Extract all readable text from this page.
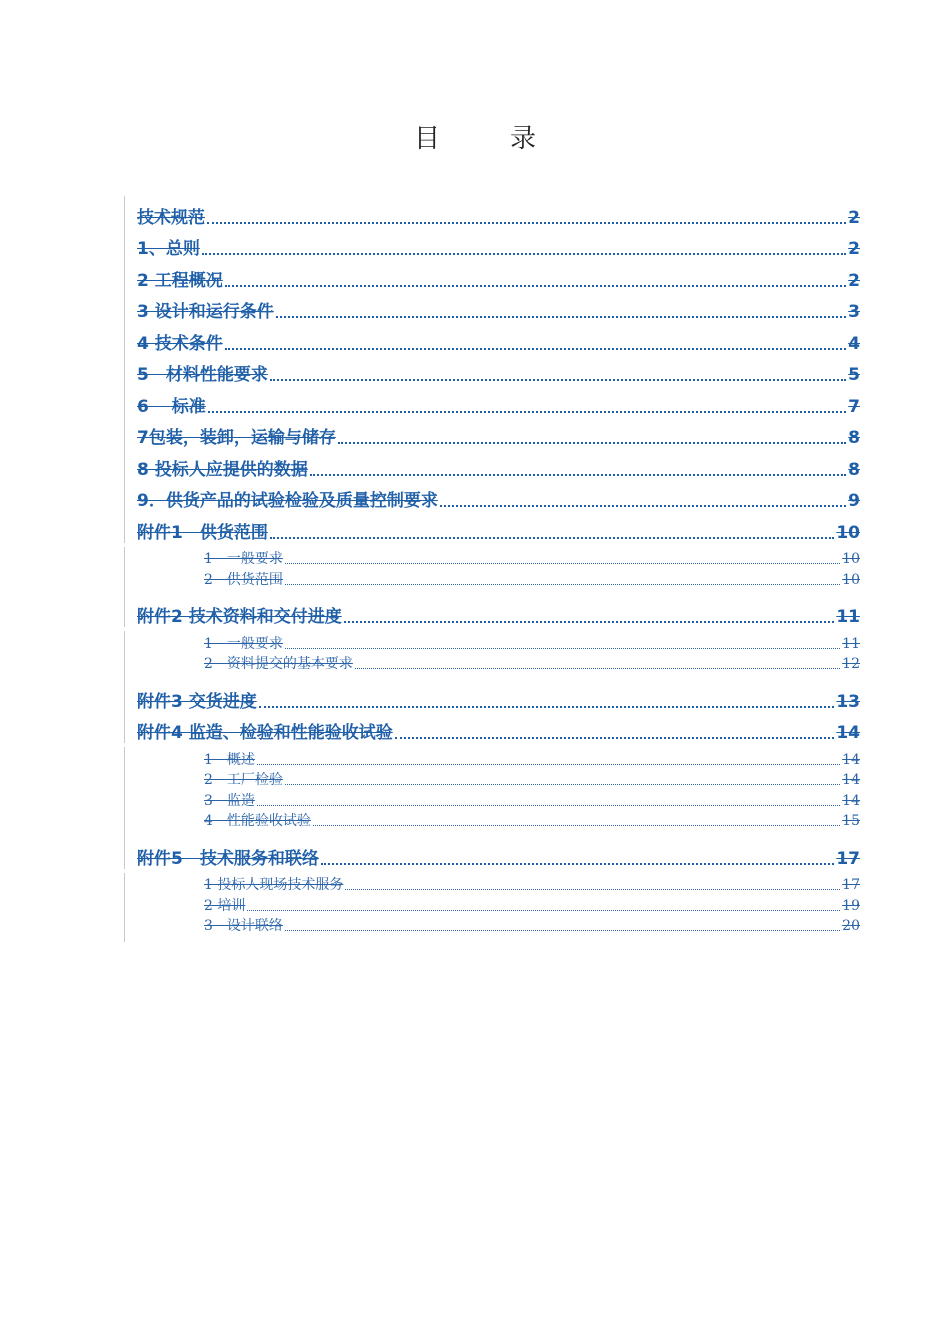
目　录
技术规范	2
1、总则	2
2 工程概况	2
3 设计和运行条件	3
4 技术条件	4
5　材料性能要求	5
6　 标准	7
7包装，装卸，运输与储存	8
8 投标人应提供的数据	8
9．供货产品的试验检验及质量控制要求	9
附件1　供货范围	10
1　一般要求	10
2　供货范围	10
附件2 技术资料和交付进度	11
1　一般要求	11
2　资料提交的基本要求	12
附件3 交货进度	13
附件4 监造、检验和性能验收试验	14
1　概述	14
2　工厂检验	14
3　监造	14
4　性能验收试验	15
附件5　技术服务和联络	17
1 投标人现场技术服务	17
2 培训	19
3　设计联络	20
